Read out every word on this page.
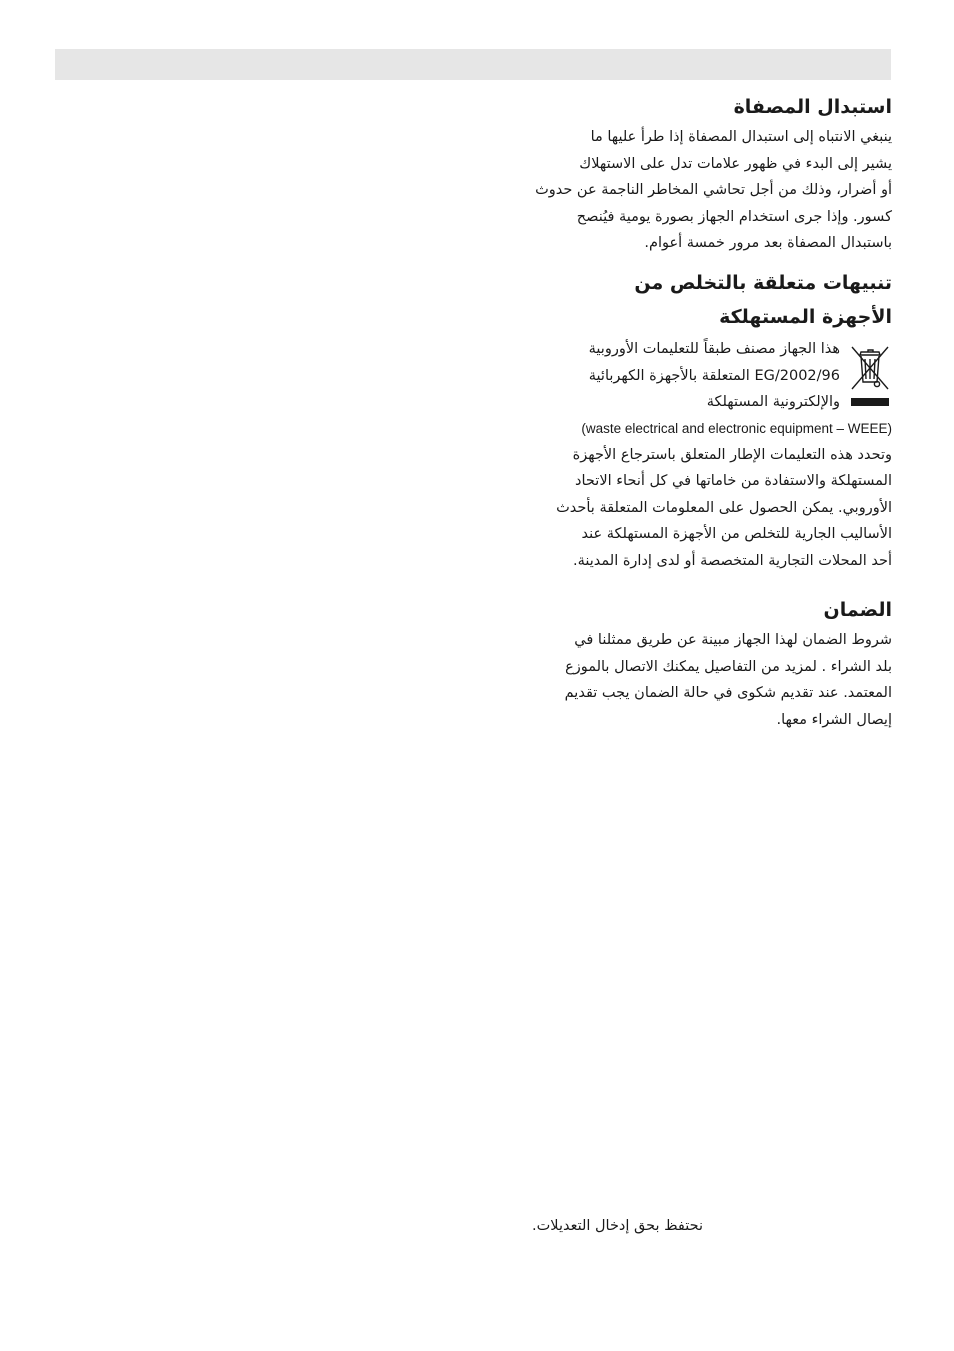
استبدال المصفاة

ينبغي الانتباه إلى استبدال المصفاة إذا طرأ عليها ما
يشير إلى البدء في ظهور علامات تدل على الاستهلاك
أو أضرار، وذلك من أجل تحاشي المخاطر الناجمة عن حدوث
كسور. وإذا جرى استخدام الجهاز بصورة يومية فيُنصح
باستبدال المصفاة بعد مرور خمسة أعوام.

تنبيهات متعلقة بالتخلص من
الأجهزة المستهلكة

هذا الجهاز مصنف طبقاً للتعليمات الأوروبية
2002/96/EG المتعلقة بالأجهزة الكهربائية
والإلكترونية المستهلكة

(waste electrical and electronic equipment – WEEE)

وتحدد هذه التعليمات الإطار المتعلق باسترجاع الأجهزة
المستهلكة والاستفادة من خاماتها في كل أنحاء الاتحاد
الأوروبي. يمكن الحصول على المعلومات المتعلقة بأحدث
الأساليب الجارية للتخلص من الأجهزة المستهلكة عند
أحد المحلات التجارية المتخصصة أو لدى إدارة المدينة.

الضمان

شروط الضمان لهذا الجهاز مبينة عن طريق ممثلنا في
بلد الشراء . لمزيد من التفاصيل يمكنك الاتصال بالموزع
المعتمد. عند تقديم شكوى في حالة الضمان يجب تقديم
إيصال الشراء معها.

نحتفظ بحق إدخال التعديلات.
